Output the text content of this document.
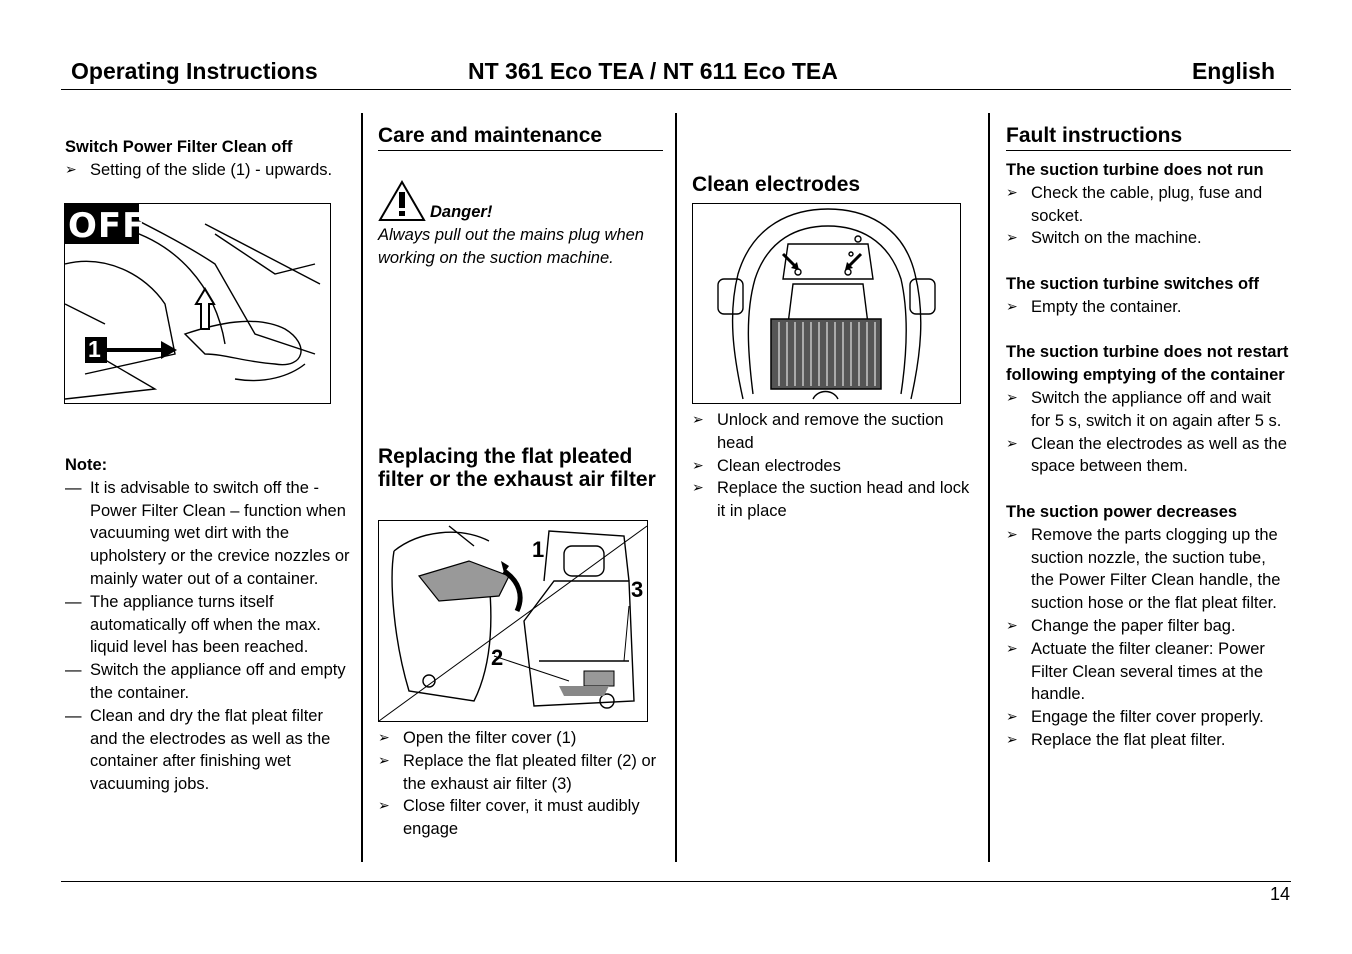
Operating Instructions	NT 361 Eco TEA / NT 611 Eco TEA	English
Switch Power Filter Clean off
➢ Setting of the slide (1) - upwards.
OFF
1
Note:
— It is advisable to switch off the -Power Filter Clean – function when vacuuming wet dirt with the upholstery or the crevice nozzles or mainly water out of a container.
— The appliance turns itself automatically off when the max. liquid level has been reached.
— Switch the appliance off and empty the container.
— Clean and dry the flat pleat filter and the electrodes as well as the container after finishing wet vacuuming jobs.
Care and maintenance
Danger!
Always pull out the mains plug when working on the suction machine.
Replacing the flat pleated filter or the exhaust air filter
1
2
3
➢ Open the filter cover (1)
➢ Replace the flat pleated filter (2) or the exhaust air filter (3)
➢ Close filter cover, it must audibly engage
Clean electrodes
➢ Unlock and remove the suction head
➢ Clean electrodes
➢ Replace the suction head and lock it in place
Fault instructions
The suction turbine does not run
➢ Check the cable, plug, fuse and socket.
➢ Switch on the machine.
The suction turbine switches off
➢ Empty the container.
The suction turbine does not restart following emptying of the container
➢ Switch the appliance off and wait for 5 s, switch it on again after 5 s.
➢ Clean the electrodes as well as the space between them.
The suction power decreases
➢ Remove the parts clogging up the suction nozzle, the suction tube, the Power Filter Clean handle, the suction hose or the flat pleat filter.
➢ Change the paper filter bag.
➢ Actuate the filter cleaner: Power Filter Clean several times at the handle.
➢ Engage the filter cover properly.
➢ Replace the flat pleat filter.
14
